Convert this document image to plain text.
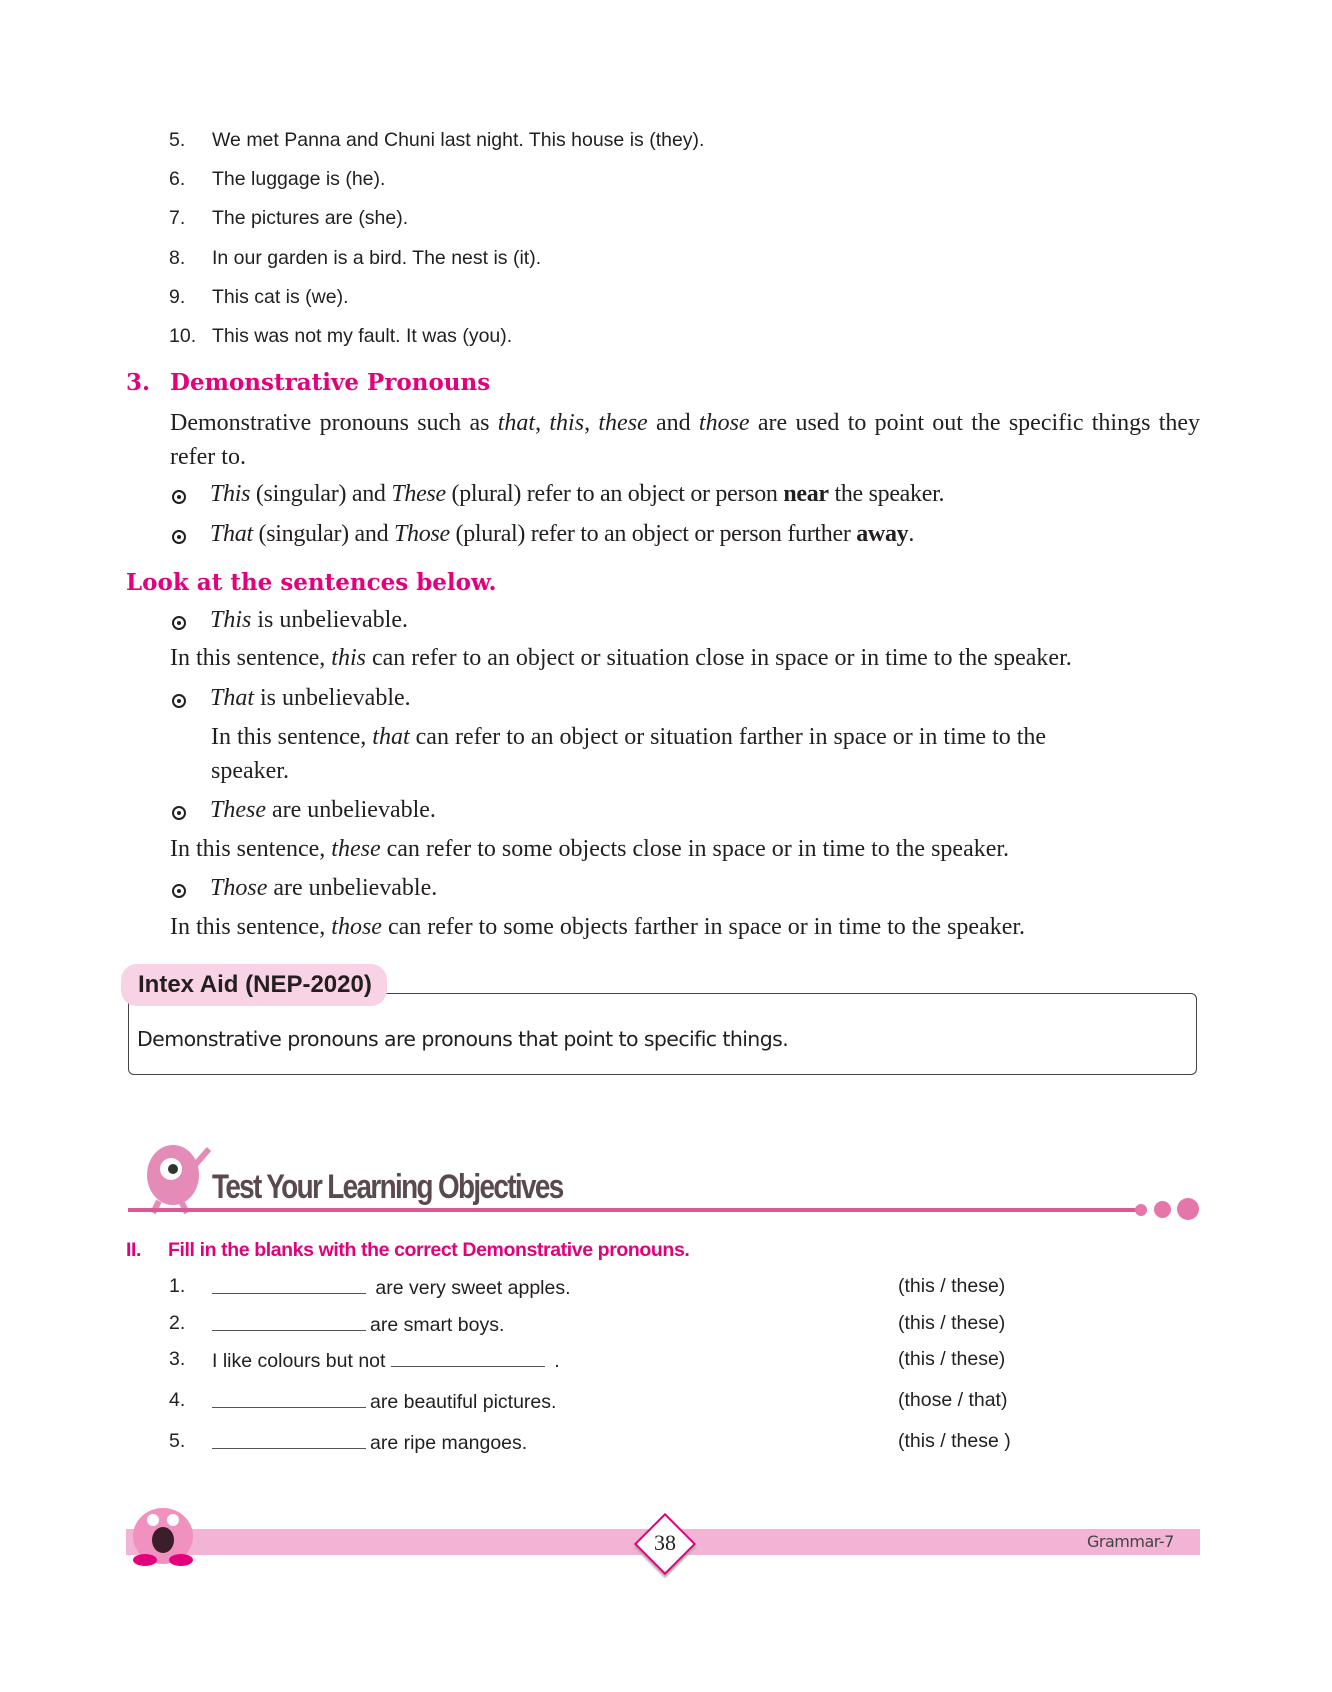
5. We met Panna and Chuni last night. This house is (they).
6. The luggage is (he).
7. The pictures are (she).
8. In our garden is a bird. The nest is (it).
9. This cat is (we).
10. This was not my fault. It was (you).
3. Demonstrative Pronouns
Demonstrative pronouns such as that, this, these and those are used to point out the specific things they refer to.
This (singular) and These (plural) refer to an object or person near the speaker.
That (singular) and Those (plural) refer to an object or person further away.
Look at the sentences below.
This is unbelievable.
In this sentence, this can refer to an object or situation close in space or in time to the speaker.
That is unbelievable.
In this sentence, that can refer to an object or situation farther in space or in time to the
speaker.
These are unbelievable.
In this sentence, these can refer to some objects close in space or in time to the speaker.
Those are unbelievable.
In this sentence, those can refer to some objects farther in space or in time to the speaker.
Intex Aid (NEP-2020)
Demonstrative pronouns are pronouns that point to specific things.
Test Your Learning Objectives
II. Fill in the blanks with the correct Demonstrative pronouns.
1.	are very sweet apples.	(this / these)
2.	are smart boys.	(this / these)
3. I like colours but not	.	(this / these)
4.	are beautiful pictures.	(those / that)
5.	are ripe mangoes.	(this / these )
38	Grammar-7
